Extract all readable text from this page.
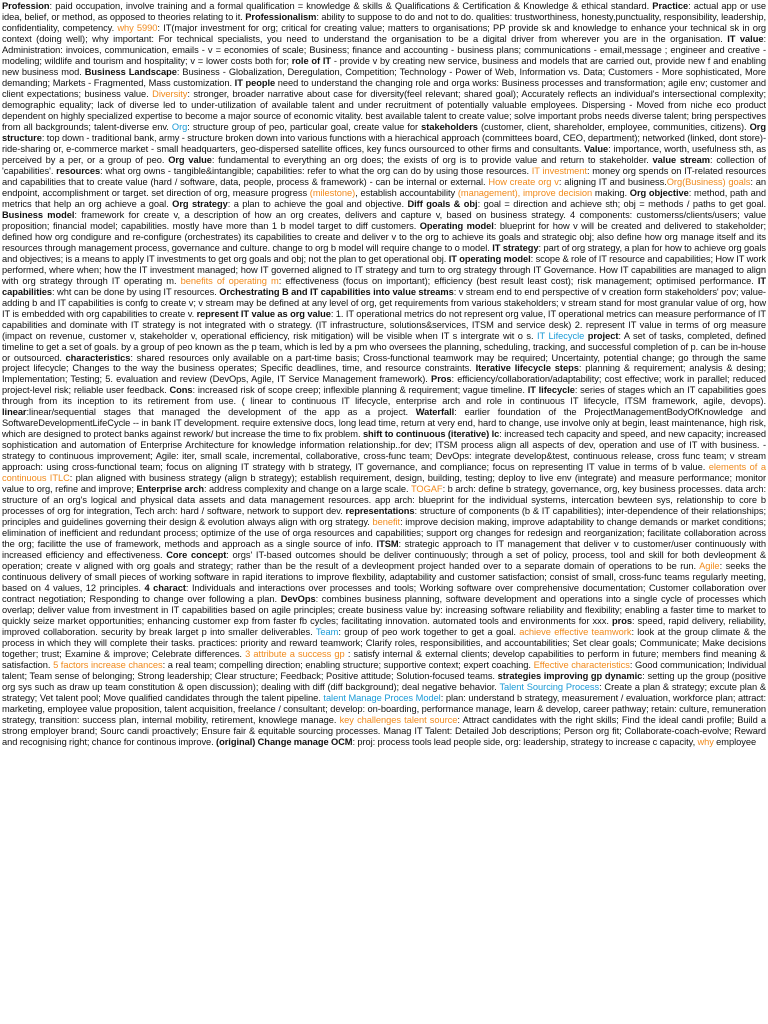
Profession: paid occupation, involve training and a formal qualification = knowledge & skills & Qualifications & Certification & Knowledge & ethical standard. Practice: actual app or use idea, belief, or method, as opposed to theories relating to it. Professionalism: ability to suppose to do and not to do. qualities: trustworthiness, honesty,punctuality, responsibility, leadership, confidentiality, competency. why 5990: IT(major investment for org; critical for creating value; matters to organisations; PP provide sk and knowledge to enhance your technical sk in org context (doing well); why important: For technical specialists, you need to understand the organisation to be a digital driver from wherever you are in the organisation. IT value: Administration: invoices, communication, emails - v = economies of scale; Business; finance and accounting - business plans; communications - email,message ; engineer and creative - modeling; wildlife and tourism and hospitality; v = lower costs both for; role of IT - provide v by creating new service, business and models that are carried out, provide new f and enabling new business mod. Business Landscape: Business - Globalization, Deregulation, Competition; Technology - Power of Web, Information vs. Data; Customers - More sophisticated, More demanding; Markets - Fragmented, Mass customization. IT people need to understand the changing role and orga works: Business processes and transformation; agile env; customer and client expectations; business value. Diversity: stronger, broader narrative about case for diversity(feel relevant; shared goal); Accurately reflects an individual's intersectional complexity; demographic equality; lack of diverse led to under-utilization of available talent and under recruitment of potentially valuable employees. Dispersing - Moved from niche eco product dependent on highly specialized expertise to become a major source of economic vitality. best available talent to create value; solve important probs needs diverse talent; bring perspectives from all backgrounds; talent-diverse env. Org: structure group of peo, particular goal, create value for stakeholders (customer, client, shareholder, employee, communities, citizens). Org structure: top down - traditional bank, army - structure broken down into various functions with a hierachical approach (committees board, CEO, department); networked (linked, dont store)- ride-sharing or, e-commerce market - small headquarters, geo-dispersed satellite offices, key funcs oursourced to other firms and consultants. Value: importance, worth, usefulness sth, as perceived by a per, or a group of peo. Org value: fundamental to everything an org does; the exists of org is to provide value and return to stakeholder. value stream: collection of 'capabilities'. resources: what org owns - tangible&intangible; capabilities: refer to what the org can do by using those resources. IT investment: money org spends on IT-related resources and capabilities that to create value (hard / software, data, people, process & framework) - can be internal or external. How create org v: aligning IT and business.Org(Business) goals: an endpoint, accomplishment or target. set direction of org, measure progress (milestone), establish accountability (management), improve decision making. Org objective: method, path and metrics that help an org achieve a goal. Org strategy: a plan to achieve the goal and objective. Diff goals & obj: goal = direction and achieve sth; obj = methods / paths to get goal. Business model: framework for create v, a description of how an org creates, delivers and capture v, based on business strategy. 4 components: customerss/clients/users; value proposition; financial model; capabilities. mostly have more than 1 b model target to diff customers. Operating model: blueprint for how v will be created and delivered to stakeholder; defined how org condigure and re-configure (orchestrates) its capabilities to create and deliver v to the org to achieve its goals and strategic obj; also define how org manage itself and its resources through management process, governance and culture. change to org b model will require change to o model. IT strategy: part of org strategy, a plan for how to achieve org goals and objectives; is a means to apply IT investments to get org goals and obj; not the plan to get operational obj. IT operating model: scope & role of IT resource and capabilities; How IT work performed, where when; how the IT investment managed; how IT governed aligned to IT strategy and turn to org strategy through IT Governance. How IT capabilities are managed to align with org strategy through IT operating m. benefits of operating m: effectiveness (focus on important); efficiency (best result least cost); risk management; optimised performance. IT capabilities: wht can be done by using IT resources. Orchestrating B and IT capabilities into value streams: v stream end to end perspective of v creation form stakeholders' pov; value-adding b and IT capabilities is confg to create v; v stream may be defined at any level of org, get requirements from various stakeholders; v stream stand for most granular value of org, how IT is embedded with org capabilities to create v. represent IT value as org value: 1. IT operational metrics do not represent org value, IT operational metrics can measure performance of IT capabilities and dominate with IT strategy is not integrated with o strategy. (IT infrastructure, solutions&services, ITSM and service desk) 2. represent IT value in terms of org measure (impact on revenue, customer v, stakeholder v, operational efficiency, risk mitigation) will be visible when IT s intergrate wit o s. IT Lifecycle project: A set of tasks, completed, defined timeline to get a set of goals. by a group of peo known as the p team, which is led by a pm who oversees the planning, scheduling, tracking, and successful completion of p. can be in-house or outsourced. characteristics: shared resources only available on a part-time basis; Cross-functional teamwork may be required; Uncertainty, potential change; go through the same project lifecycle; Changes to the way the business operates; Specific deadlines, time, and resource constraints. Iterative lifecycle steps: planning & requirement; analysis & desing; Implementation; Testing; 5. evaluation and review (DevOps, Agile, IT Service Management framework). Pros: efficiency/collaboration/adaptability; cost effective; work in parallel; reduced project-level risk; reliable user feedback. Cons: increased risk of scope creep; inflexible planning & requirement; vague timeline. IT lifecycle: series of stages which an IT capabilities goes through from its inception to its retirement from use. ( linear to continuous IT lifecycle, enterprise arch and role in continuous IT lifecycle, ITSM framework, agile, devops). linear:linear/sequential stages that managed the development of the app as a project. Waterfall: earlier foundation of the ProjectManagementBodyOfKnowledge and SoftwareDevelopmentLifeCycle -- in bank IT development. require extensive docs, long lead time, return at very end, hard to change, use involve only at begin, least maintenance, high risk, which are designed to protect banks against rework/ but increase the time to fix problem. shift to continuous (iterative) lc: increased tech capacity and speed, and new capacity; increased sophistication and automation of Enterprise Architecture for knowledge information relationship..for dev; ITSM process align all aspects of dev, operation and use of IT with business. - strategy to continuous improvement; Agile: iter, small scale, incremental, collaborative, cross-func team; DevOps: integrate develop&test, continuous release, cross func team; v stream approach: using cross-functional team; focus on aligning IT strategy with b strategy, IT governance, and compliance; focus on representing IT value in terms of b value. elements of a continuous ITLC: plan aligned with business strategy (align b strategy); establish requirement, design, building, testing; deploy to live env (integrate) and measure performance; monitor value to org, refine and improve; Enterprise arch: address complexity and change on a large scale. TOGAF: b arch: define b strategy, governance, org, key business processes. data arch: structure of an org's logical and physical data assets and data management resources. app arch: blueprint for the individual systems, intercation bewteen sys, relationship to core b processes of org for integration, Tech arch: hard / software, network to support dev. representations: structure of components (b & IT capabilities); inter-dependence of their relationships; principles and guidelines governing their design & evolution always align with org strategy. benefit: improve decision making, improve adaptability to change demands or market conditions; elimination of inefficient and redundant process; optimize of the use of orga resources and capabilities; support org changes for redesign and reorganization; facilitate collaboration across the org; facilitte the use of framework, methods and approach as a single source of info. ITSM: strategic approach to IT management that deliver v to customer/user continuously with increased efficiency and effectiveness. Core concept: orgs' IT-based outcomes should be deliver continuously; through a set of policy, process, tool and skill for both devleopment & operation; create v aligned with org goals and strategy; rather than be the result of a devleopment project handed over to a separate domain of operations to be run. Agile: seeks the continuous delivery of small pieces of working software in rapid iterations to improve flexbility, adaptability and customer satisfaction; consist of small, cross-func teams regularly meeting, based on 4 values, 12 principles. 4 charact: Individuals and interactions over processes and tools; Working software over comprehensive documentation; Customer collaboration over contract negotiation; Responding to change over following a plan. DevOps: combines business planning, software development and operations into a single cycle of processes which overlap; deliver value from investment in IT capabilities based on agile principles; create business value by: increasing software reliability and flexibility; enabling a faster time to market to quickly seize market opportunities; enhancing customer exp from faster fb cycles; facilitating innovation. automated tools and environments for xxx. pros: speed, rapid delivery, reliability, improved collaboration. security by break larget p into smaller deliverables. Team: group of peo work together to get a goal. achieve effective teamwork: look at the group climate & the process in which they will complete their tasks. practices: priority and reward teamwork; Clarify roles, responsibilities, and accountabilities; Set clear goals; Communicate; Make decisions together; trust; Examine & improve; Celebrate differences. 3 attribute a success gp : satisfy internal & external clients; develop capabilities to perform in future; members find meaning & satisfaction. 5 factors increase chances: a real team; compelling direction; enabling structure; supportive context; expert coaching. Effective characteristics: Good communication; Individual talent; Team sense of belonging; Strong leadership; Clear structure; Feedback; Positive attitude; Solution-focused teams. strategies improving gp dynamic: setting up the group (positive org sys such as draw up team constitution & open discussion); dealing with diff (diff background); deal negative behavior. Talent Sourcing Process: Create a plan & strategy; excute plan & strategy; Vet talent pool; Move qualified candidates through the talent pipeline. talent Manage Proces Model: plan: understand b strategy, measurement / evaluation, workforce plan; attract: marketing, employee value proposition, talent acquisition, freelance / consultant; develop: on-boarding, performance manage, learn & develop, career pathway; retain: culture, remuneration strategy, transition: success plan, internal mobility, retirement, knowlege manage. key challenges talent source: Attract candidates with the right skills; Find the ideal candi profile; Build a strong employer brand; Sourc candi proactively; Ensure fair & equitable sourcing processes. Manag IT Talent: Detailed Job descriptions; Person org fit; Collaborate-coach-evolve; Reward and recognising right; chance for continous improve. (original) Change manage OCM: proj: process tools lead people side, org: leadership, strategy to increase c capacity, why employee
